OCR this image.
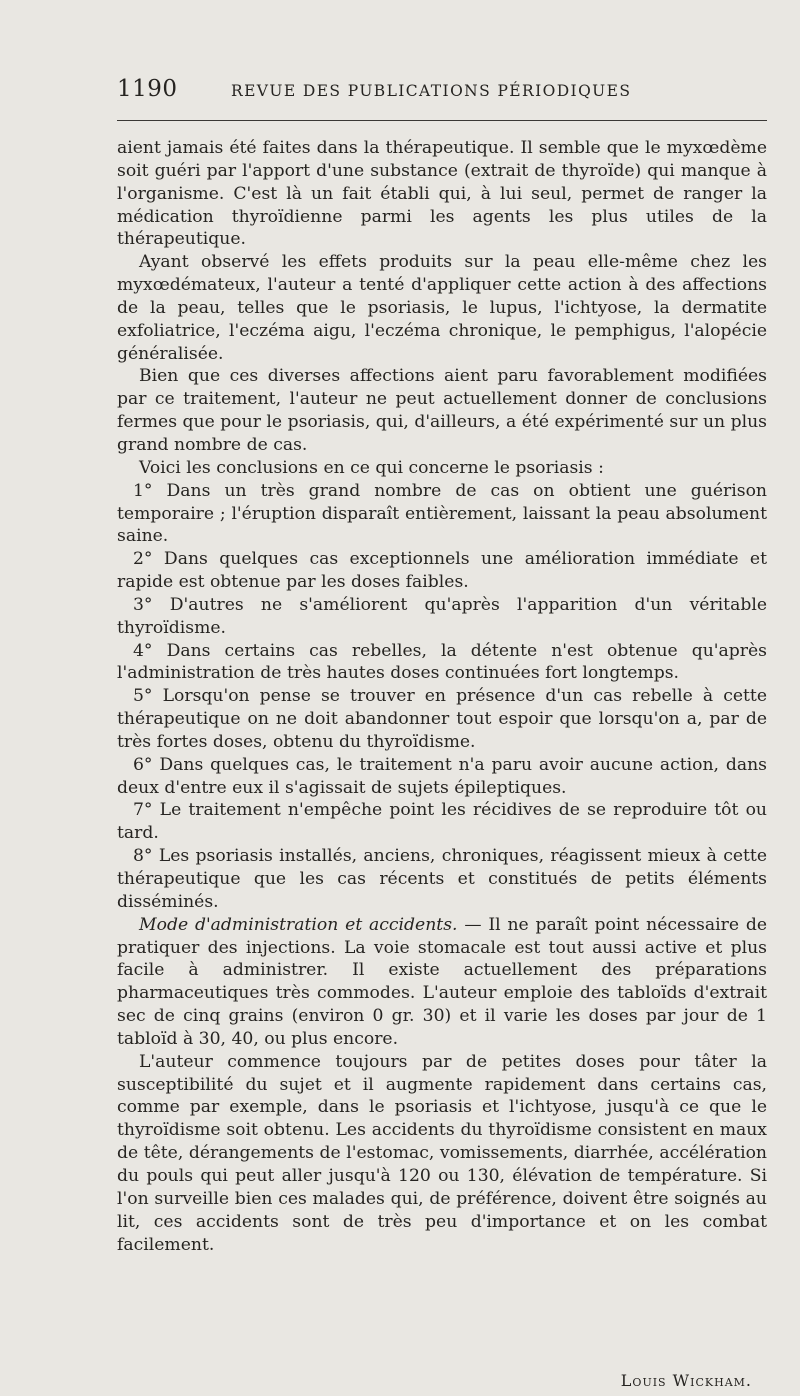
1190	REVUE DES PUBLICATIONS PÉRIODIQUES

aient jamais été faites dans la thérapeutique. Il semble que le myxœdème soit guéri par l'apport d'une substance (extrait de thyroïde) qui manque à l'organisme. C'est là un fait établi qui, à lui seul, permet de ranger la médication thyroïdienne parmi les agents les plus utiles de la thérapeutique.

Ayant observé les effets produits sur la peau elle-même chez les myxœdémateux, l'auteur a tenté d'appliquer cette action à des affections de la peau, telles que le psoriasis, le lupus, l'ichtyose, la dermatite exfoliatrice, l'eczéma aigu, l'eczéma chronique, le pemphigus, l'alopécie généralisée.

Bien que ces diverses affections aient paru favorablement modifiées par ce traitement, l'auteur ne peut actuellement donner de conclusions fermes que pour le psoriasis, qui, d'ailleurs, a été expérimenté sur un plus grand nombre de cas.

Voici les conclusions en ce qui concerne le psoriasis :

1° Dans un très grand nombre de cas on obtient une guérison temporaire ; l'éruption disparaît entièrement, laissant la peau absolument saine.

2° Dans quelques cas exceptionnels une amélioration immédiate et rapide est obtenue par les doses faibles.

3° D'autres ne s'améliorent qu'après l'apparition d'un véritable thyroïdisme.

4° Dans certains cas rebelles, la détente n'est obtenue qu'après l'administration de très hautes doses continuées fort longtemps.

5° Lorsqu'on pense se trouver en présence d'un cas rebelle à cette thérapeutique on ne doit abandonner tout espoir que lorsqu'on a, par de très fortes doses, obtenu du thyroïdisme.

6° Dans quelques cas, le traitement n'a paru avoir aucune action, dans deux d'entre eux il s'agissait de sujets épileptiques.

7° Le traitement n'empêche point les récidives de se reproduire tôt ou tard.

8° Les psoriasis installés, anciens, chroniques, réagissent mieux à cette thérapeutique que les cas récents et constitués de petits éléments disséminés.

Mode d'administration et accidents. — Il ne paraît point nécessaire de pratiquer des injections. La voie stomacale est tout aussi active et plus facile à administrer. Il existe actuellement des préparations pharmaceutiques très commodes. L'auteur emploie des tabloïds d'extrait sec de cinq grains (environ 0 gr. 30) et il varie les doses par jour de 1 tabloïd à 30, 40, ou plus encore.

L'auteur commence toujours par de petites doses pour tâter la susceptibilité du sujet et il augmente rapidement dans certains cas, comme par exemple, dans le psoriasis et l'ichtyose, jusqu'à ce que le thyroïdisme soit obtenu. Les accidents du thyroïdisme consistent en maux de tête, dérangements de l'estomac, vomissements, diarrhée, accélération du pouls qui peut aller jusqu'à 120 ou 130, élévation de température. Si l'on surveille bien ces malades qui, de préférence, doivent être soignés au lit, ces accidents sont de très peu d'importance et on les combat facilement.

Louis Wickham.
